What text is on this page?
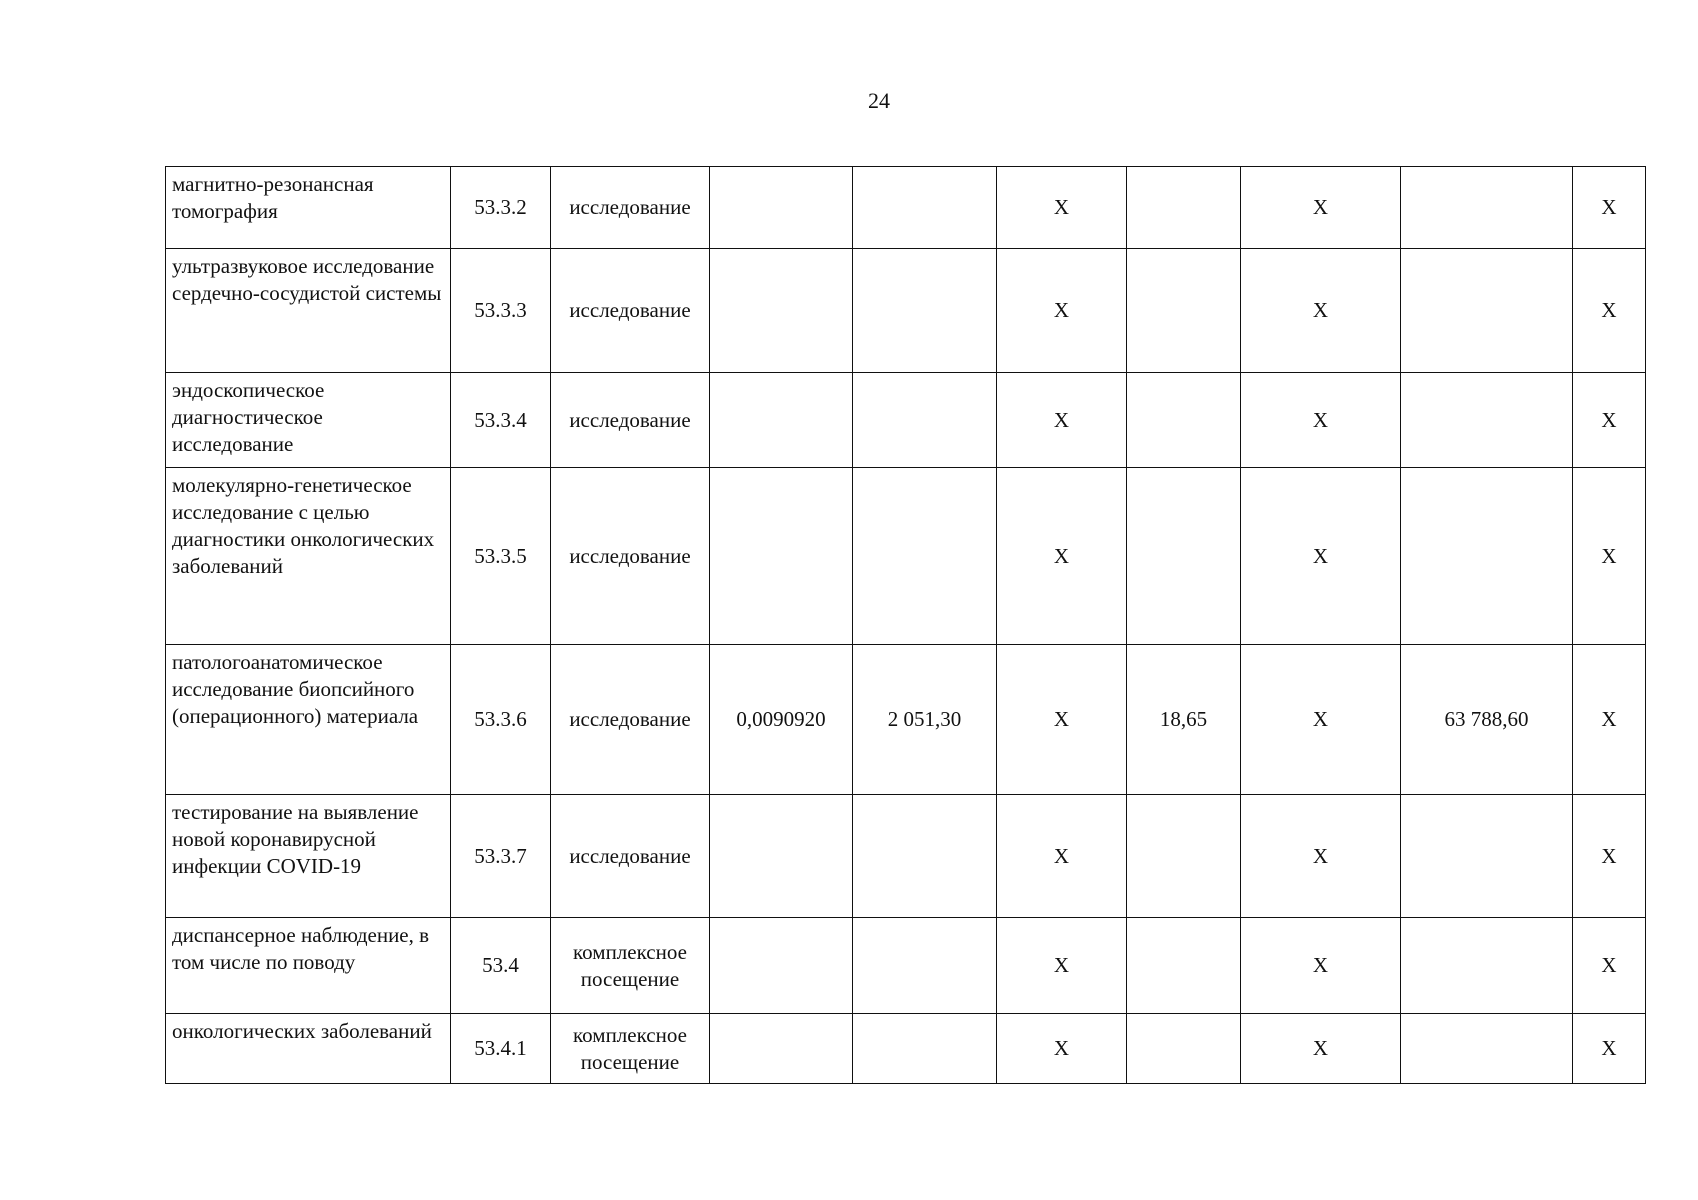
24
магнитно-резонансная томография	53.3.2	исследование			X		X		X
ультразвуковое исследование сердечно-сосудистой системы	53.3.3	исследование			X		X		X
эндоскопическое диагностическое исследование	53.3.4	исследование			X		X		X
молекулярно-генетическое исследование с целью диагностики онкологических заболеваний	53.3.5	исследование			X		X		X
патологоанатомическое исследование биопсийного (операционного) материала	53.3.6	исследование	0,0090920	2 051,30	X	18,65	X	63 788,60	X
тестирование на выявление новой коронавирусной инфекции COVID-19	53.3.7	исследование			X		X		X
диспансерное наблюдение, в том числе по поводу	53.4	комплексное посещение			X		X		X
онкологических заболеваний	53.4.1	комплексное посещение			X		X		X
